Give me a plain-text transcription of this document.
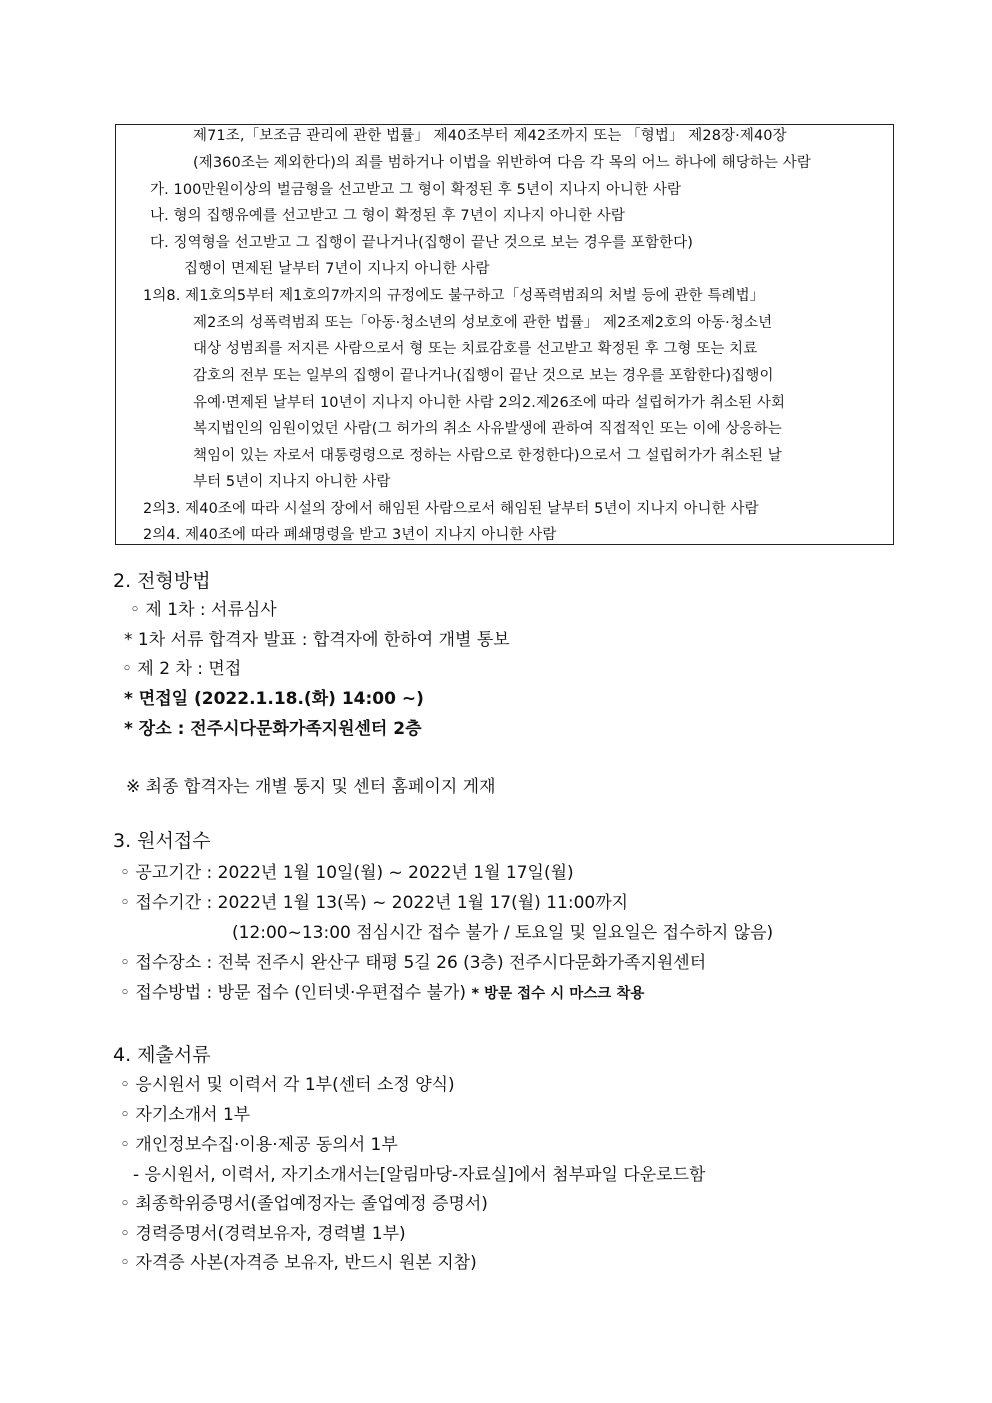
제71조,「보조금 관리에 관한 법률」 제40조부터 제42조까지 또는 「형법」 제28장·제40장
(제360조는 제외한다)의 죄를 범하거나 이법을 위반하여 다음 각 목의 어느 하나에 해당하는 사람
가. 100만원이상의 벌금형을 선고받고 그 형이 확정된 후 5년이 지나지 아니한 사람
나. 형의 집행유예를 선고받고 그 형이 확정된 후 7년이 지나지 아니한 사람
다. 징역형을 선고받고 그 집행이 끝나거나(집행이 끝난 것으로 보는 경우를 포함한다)
집행이 면제된 날부터 7년이 지나지 아니한 사람
1의8. 제1호의5부터 제1호의7까지의 규정에도 불구하고「성폭력범죄의 처벌 등에 관한 특례법」
제2조의 성폭력범죄 또는「아동·청소년의 성보호에 관한 법률」 제2조제2호의 아동·청소년
대상 성범죄를 저지른 사람으로서 형 또는 치료감호를 선고받고 확정된 후 그형 또는 치료
감호의 전부 또는 일부의 집행이 끝나거나(집행이 끝난 것으로 보는 경우를 포함한다)집행이
유예·면제된 날부터 10년이 지나지 아니한 사람 2의2.제26조에 따라 설립허가가 취소된 사회
복지법인의 임원이었던 사람(그 허가의 취소 사유발생에 관하여 직접적인 또는 이에 상응하는
책임이 있는 자로서 대통령령으로 정하는 사람으로 한정한다)으로서 그 설립허가가 취소된 날
부터 5년이 지나지 아니한 사람
2의3. 제40조에 따라 시설의 장에서 해임된 사람으로서 해임된 날부터 5년이 지나지 아니한 사람
2의4. 제40조에 따라 폐쇄명령을 받고 3년이 지나지 아니한 사람
2. 전형방법
◦ 제 1차 : 서류심사
* 1차 서류 합격자 발표 : 합격자에 한하여 개별 통보
◦ 제 2 차 : 면접
* 면접일 (2022.1.18.(화) 14:00 ~)
* 장소 : 전주시다문화가족지원센터 2층
※ 최종 합격자는 개별 통지 및 센터 홈페이지 게재
3. 원서접수
◦ 공고기간 : 2022년 1월 10일(월) ~ 2022년 1월 17일(월)
◦ 접수기간 : 2022년 1월 13(목) ~ 2022년 1월 17(월) 11:00까지
(12:00~13:00 점심시간 접수 불가 / 토요일 및 일요일은 접수하지 않음)
◦ 접수장소 : 전북 전주시 완산구 태평 5길 26 (3층) 전주시다문화가족지원센터
◦ 접수방법 : 방문 접수 (인터넷·우편접수 불가) * 방문 접수 시 마스크 착용
4. 제출서류
◦ 응시원서 및 이력서 각 1부(센터 소정 양식)
◦ 자기소개서 1부
◦ 개인정보수집·이용·제공 동의서 1부
- 응시원서, 이력서, 자기소개서는[알림마당-자료실]에서 첨부파일 다운로드함
◦ 최종학위증명서(졸업예정자는 졸업예정 증명서)
◦ 경력증명서(경력보유자, 경력별 1부)
◦ 자격증 사본(자격증 보유자, 반드시 원본 지참)
